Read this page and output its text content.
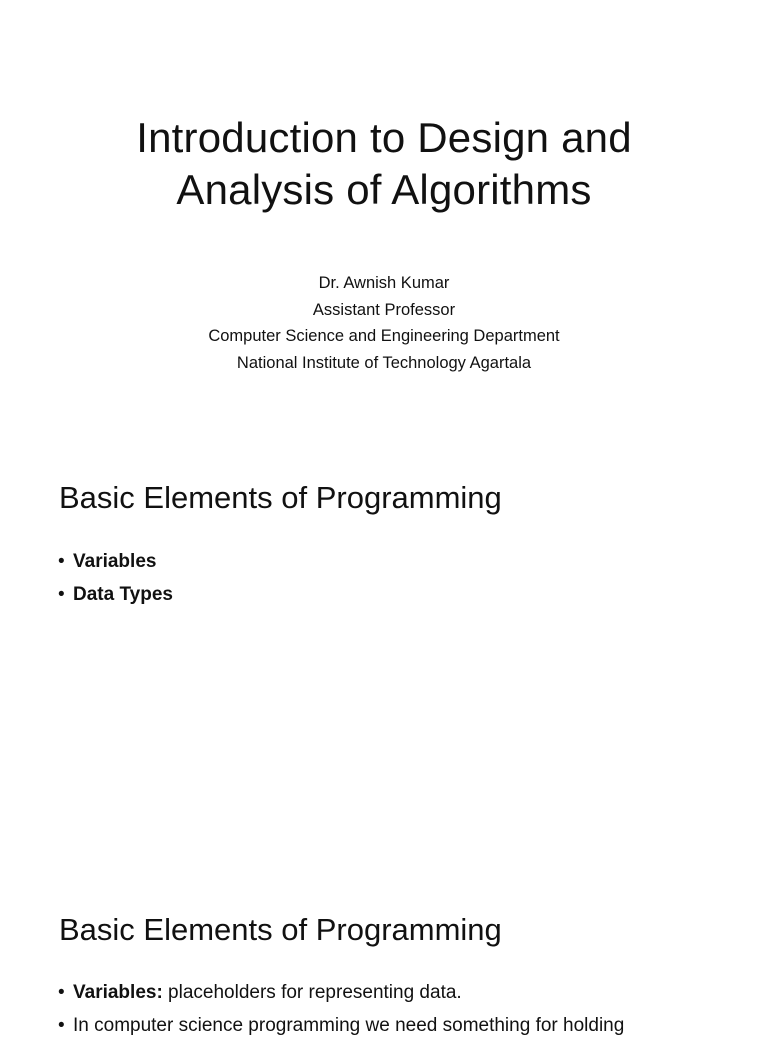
Introduction to Design and
Analysis of Algorithms
Dr. Awnish Kumar
Assistant Professor
Computer Science and Engineering Department
National Institute of Technology Agartala
Basic Elements of Programming
• Variables
• Data Types
Basic Elements of Programming
• Variables: placeholders for representing data.
• In computer science programming we need something for holding
